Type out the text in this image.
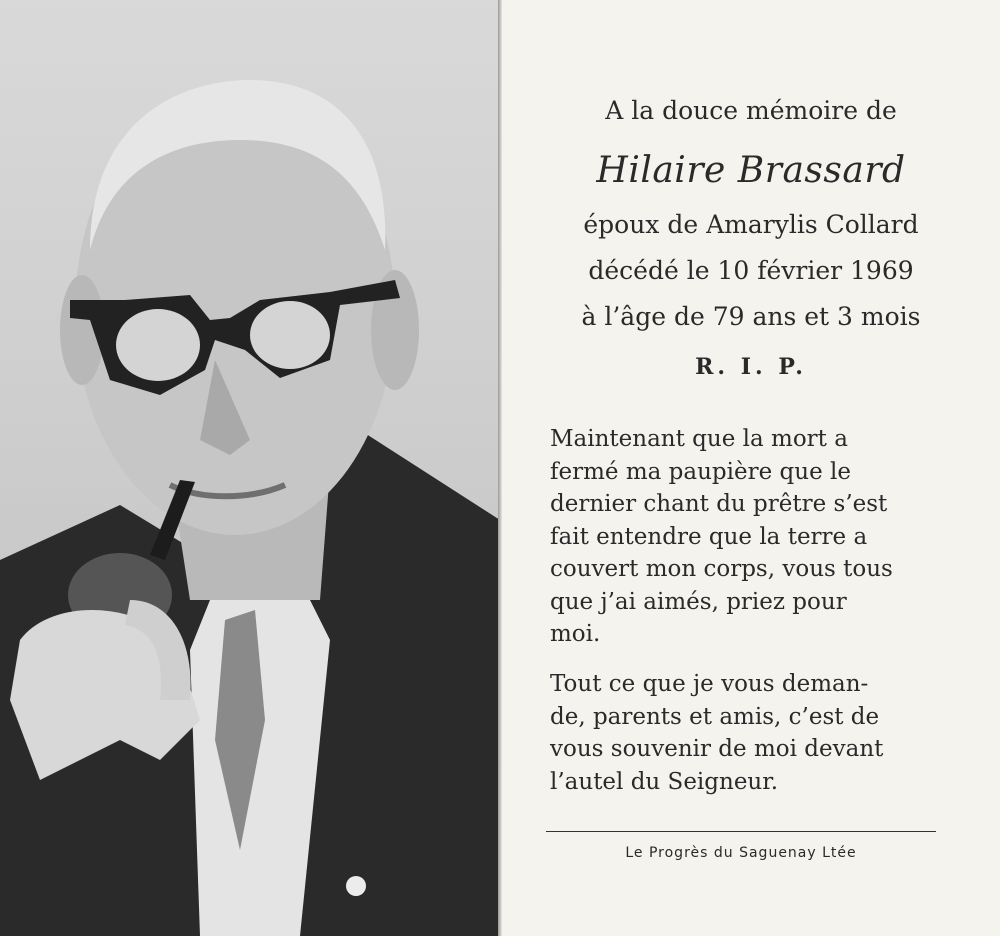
A la douce mémoire de
Hilaire Brassard
époux de Amarylis Collard
décédé le 10 février 1969
à l’âge de 79 ans et 3 mois
R. I. P.
Maintenant que la mort a
fermé ma paupière que le
dernier chant du prêtre s’est
fait entendre que la terre a
couvert mon corps, vous tous
que j’ai aimés, priez pour
moi.
Tout ce que je vous deman-
de, parents et amis, c’est de
vous souvenir de moi devant
l’autel du Seigneur.
Le Progrès du Saguenay Ltée
